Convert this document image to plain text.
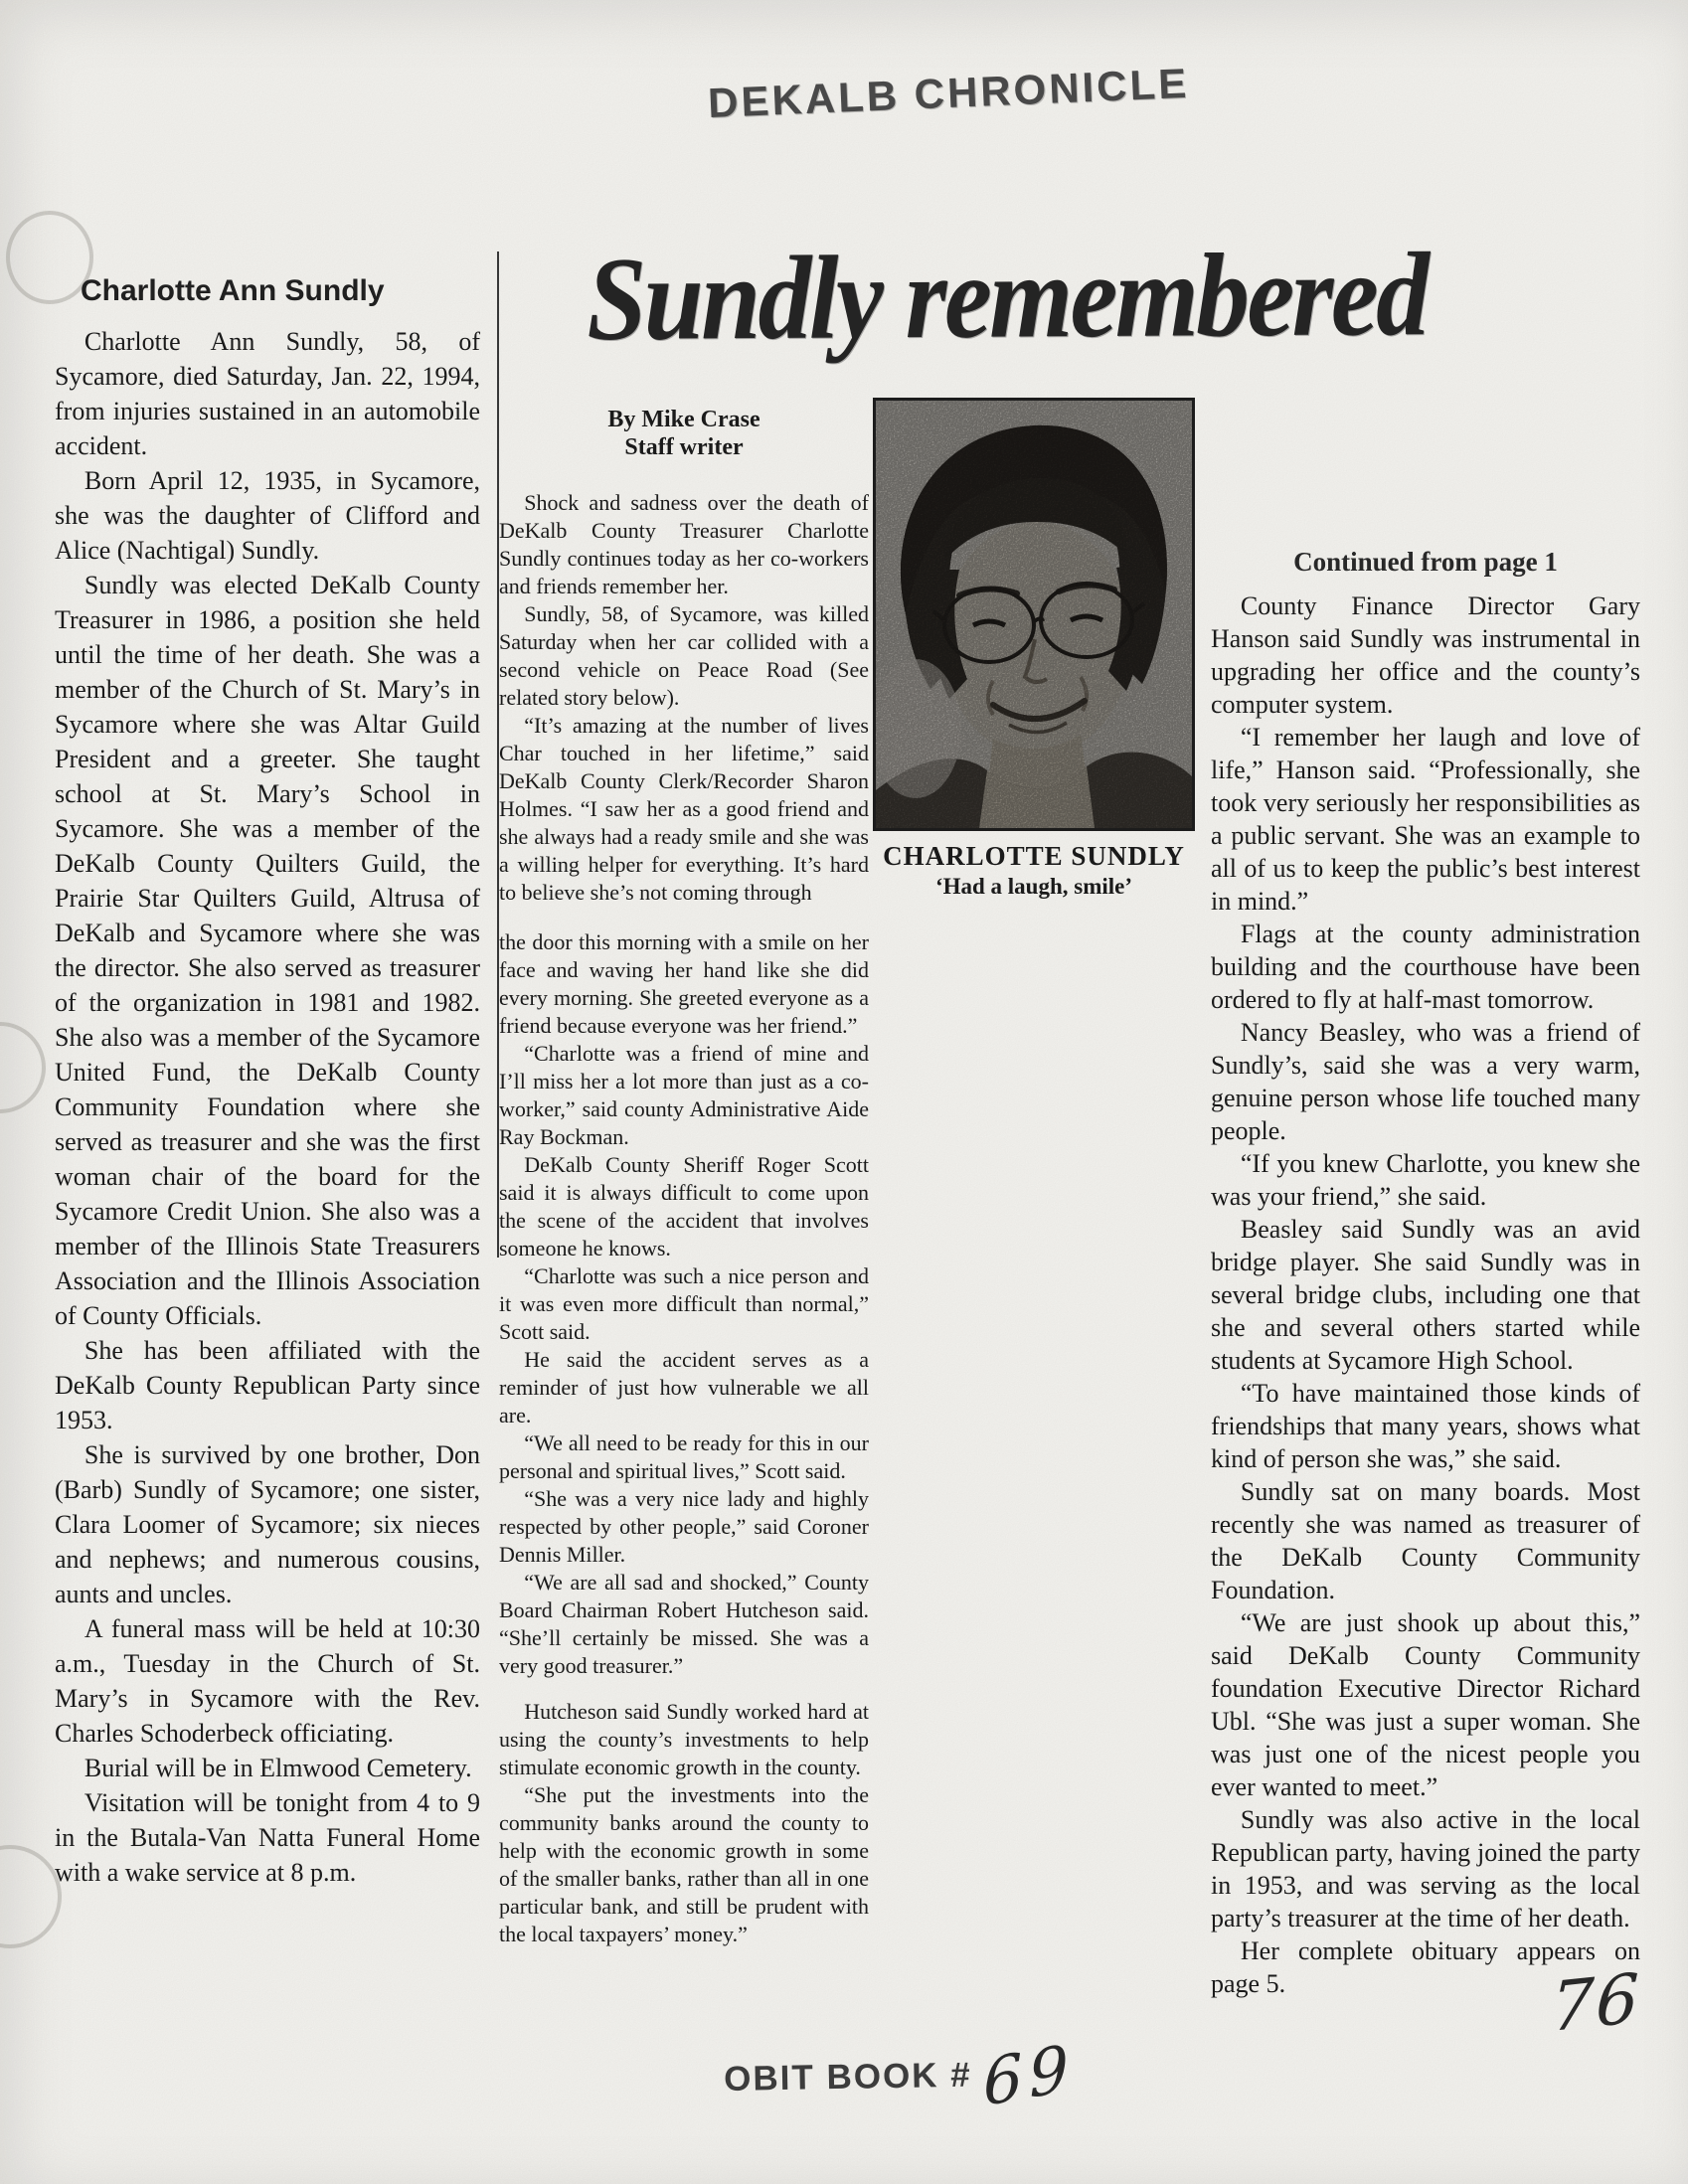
DEKALB CHRONICLE
Charlotte Ann Sundly

Charlotte Ann Sundly, 58, of Sycamore, died Saturday, Jan. 22, 1994, from injuries sustained in an automobile accident.

Born April 12, 1935, in Sycamore, she was the daughter of Clifford and Alice (Nachtigal) Sundly.

Sundly was elected DeKalb County Treasurer in 1986, a position she held until the time of her death. She was a member of the Church of St. Mary’s in Sycamore where she was Altar Guild President and a greeter. She taught school at St. Mary’s School in Sycamore. She was a member of the DeKalb County Quilters Guild, the Prairie Star Quilters Guild, Altrusa of DeKalb and Sycamore where she was the director. She also served as treasurer of the organization in 1981 and 1982. She also was a member of the Sycamore United Fund, the DeKalb County Community Foundation where she served as treasurer and she was the first woman chair of the board for the Sycamore Credit Union. She also was a member of the Illinois State Treasurers Association and the Illinois Association of County Officials.

She has been affiliated with the DeKalb County Republican Party since 1953.

She is survived by one brother, Don (Barb) Sundly of Sycamore; one sister, Clara Loomer of Sycamore; six nieces and nephews; and numerous cousins, aunts and uncles.

A funeral mass will be held at 10:30 a.m., Tuesday in the Church of St. Mary’s in Sycamore with the Rev. Charles Schoderbeck officiating.

Burial will be in Elmwood Cemetery.

Visitation will be tonight from 4 to 9 in the Butala-Van Natta Funeral Home with a wake service at 8 p.m.

Sundly remembered
By Mike Crase
Staff writer

Shock and sadness over the death of DeKalb County Treasurer Charlotte Sundly continues today as her co-workers and friends remember her.

Sundly, 58, of Sycamore, was killed Saturday when her car collided with a second vehicle on Peace Road (See related story below).

“It’s amazing at the number of lives Char touched in her lifetime,” said DeKalb County Clerk/Recorder Sharon Holmes. “I saw her as a good friend and she always had a ready smile and she was a willing helper for everything. It’s hard to believe she’s not coming through

the door this morning with a smile on her face and waving her hand like she did every morning. She greeted everyone as a friend because everyone was her friend.”

“Charlotte was a friend of mine and I’ll miss her a lot more than just as a co-worker,” said county Administrative Aide Ray Bockman.

DeKalb County Sheriff Roger Scott said it is always difficult to come upon the scene of the accident that involves someone he knows.

“Charlotte was such a nice person and it was even more difficult than normal,” Scott said.

He said the accident serves as a reminder of just how vulnerable we all are.

“We all need to be ready for this in our personal and spiritual lives,” Scott said.

“She was a very nice lady and highly respected by other people,” said Coroner Dennis Miller.

“We are all sad and shocked,” County Board Chairman Robert Hutcheson said. “She’ll certainly be missed. She was a very good treasurer.”

Hutcheson said Sundly worked hard at using the county’s investments to help stimulate economic growth in the county.

“She put the investments into the community banks around the county to help with the economic growth in some of the smaller banks, rather than all in one particular bank, and still be prudent with the local taxpayers’ money.”

CHARLOTTE SUNDLY
‘Had a laugh, smile’
Continued from page 1

County Finance Director Gary Hanson said Sundly was instrumental in upgrading her office and the county’s computer system.

“I remember her laugh and love of life,” Hanson said. “Professionally, she took very seriously her responsibilities as a public servant. She was an example to all of us to keep the public’s best interest in mind.”

Flags at the county administration building and the courthouse have been ordered to fly at half-mast tomorrow.

Nancy Beasley, who was a friend of Sundly’s, said she was a very warm, genuine person whose life touched many people.

“If you knew Charlotte, you knew she was your friend,” she said.

Beasley said Sundly was an avid bridge player. She said Sundly was in several bridge clubs, including one that she and several others started while students at Sycamore High School.

“To have maintained those kinds of friendships that many years, shows what kind of person she was,” she said.

Sundly sat on many boards. Most recently she was named as treasurer of the DeKalb County Community Foundation.

“We are just shook up about this,” said DeKalb County Community foundation Executive Director Richard Ubl. “She was just a super woman. She was just one of the nicest people you ever wanted to meet.”

Sundly was also active in the local Republican party, having joined the party in 1953, and was serving as the local party’s treasurer at the time of her death.

Her complete obituary appears on page 5.

OBIT BOOK # 69
76
